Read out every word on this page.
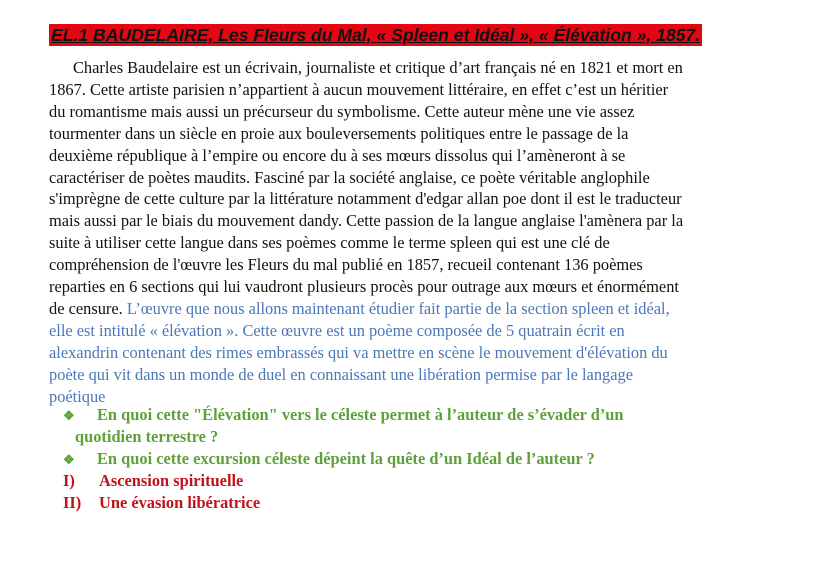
EL.1 BAUDELAIRE, Les Fleurs du Mal, « Spleen et Idéal », « Élévation », 1857.
Charles Baudelaire est un écrivain, journaliste et critique d’art français né en 1821 et mort en
1867. Cette artiste parisien n’appartient à aucun mouvement littéraire, en effet c’est un héritier
du romantisme mais aussi un précurseur du symbolisme. Cette auteur mène une vie assez
tourmenter dans un siècle en proie aux bouleversements politiques entre le passage de la
deuxième république à l’empire ou encore du à ses mœurs dissolus qui l’amèneront à se
caractériser de poètes maudits. Fasciné par la société anglaise, ce poète véritable anglophile
s'imprègne de cette culture par la littérature notamment d'edgar allan poe dont il est le traducteur
mais aussi par le biais du mouvement dandy. Cette passion de la langue anglaise l'amènera par la
suite à utiliser cette langue dans ses poèmes comme le terme spleen qui est une clé de
compréhension de l'œuvre les Fleurs du mal publié en 1857, recueil contenant 136 poèmes
reparties en 6 sections qui lui vaudront plusieurs procès pour outrage aux mœurs et énormément
de censure. L’œuvre que nous allons maintenant étudier fait partie de la section spleen et idéal,
elle est intitulé « élévation ». Cette œuvre est un poème composée de 5 quatrain écrit en
alexandrin contenant des rimes embrassés qui va mettre en scène le mouvement d'élévation du
poète qui vit dans un monde de duel en connaissant une libération permise par le langage
poétique
❖ En quoi cette "Élévation" vers le céleste permet à l’auteur de s’évader d’un
quotidien terrestre ?
❖ En quoi cette excursion céleste dépeint la quête d’un Idéal de l’auteur ?
I) Ascension spirituelle
II) Une évasion libératrice
